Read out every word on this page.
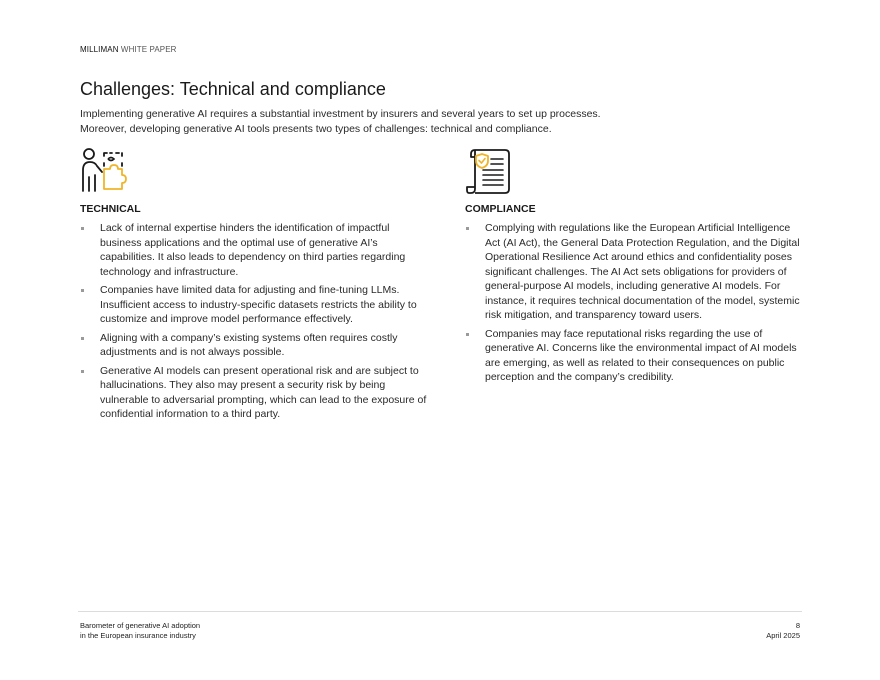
MILLIMAN WHITE PAPER
Challenges: Technical and compliance

Implementing generative AI requires a substantial investment by insurers and several years to set up processes.

Moreover, developing generative AI tools presents two types of challenges: technical and compliance.

TECHNICAL
Lack of internal expertise hinders the identification of impactful business applications and the optimal use of generative AI’s capabilities. It also leads to dependency on third parties regarding technology and infrastructure.
Companies have limited data for adjusting and fine-tuning LLMs. Insufficient access to industry-specific datasets restricts the ability to customize and improve model performance effectively.
Aligning with a company’s existing systems often requires costly adjustments and is not always possible.
Generative AI models can present operational risk and are subject to hallucinations. They also may present a security risk by being vulnerable to adversarial prompting, which can lead to the exposure of confidential information to a third party.
COMPLIANCE
Complying with regulations like the European Artificial Intelligence Act (AI Act), the General Data Protection Regulation, and the Digital Operational Resilience Act around ethics and confidentiality poses significant challenges. The AI Act sets obligations for providers of general-purpose AI models, including generative AI models. For instance, it requires technical documentation of the model, systemic risk mitigation, and transparency toward users.
Companies may face reputational risks regarding the use of generative AI. Concerns like the environmental impact of AI models are emerging, as well as related to their consequences on public perception and the company’s credibility.
Barometer of generative AI adoption
in the European insurance industry
8
April 2025
